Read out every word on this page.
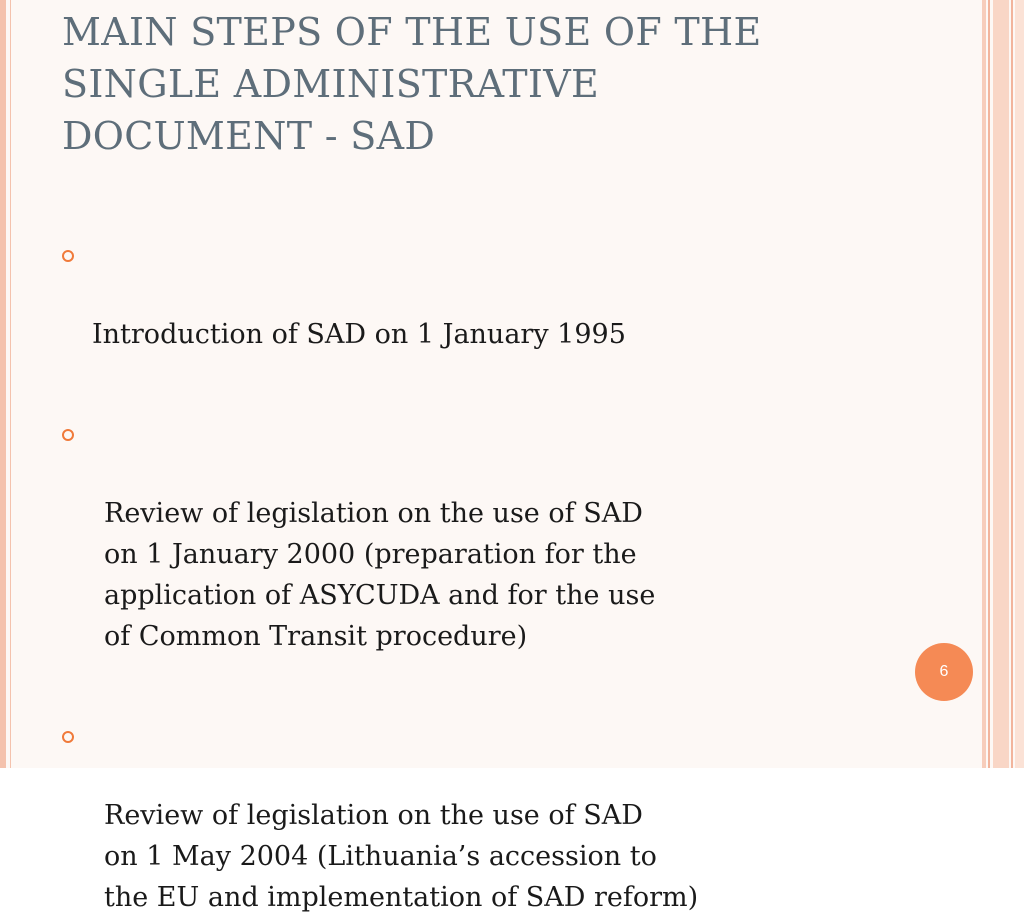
MAIN STEPS OF THE USE OF THE
SINGLE ADMINISTRATIVE
DOCUMENT - SAD

Introduction of SAD on 1 January 1995

Review of legislation on the use of SAD
on 1 January 2000 (preparation for the
application of ASYCUDA and for the use
of Common Transit procedure)

Review of legislation on the use of SAD
on 1 May 2004 (Lithuania’s accession to
the EU and implementation of SAD reform)

6
